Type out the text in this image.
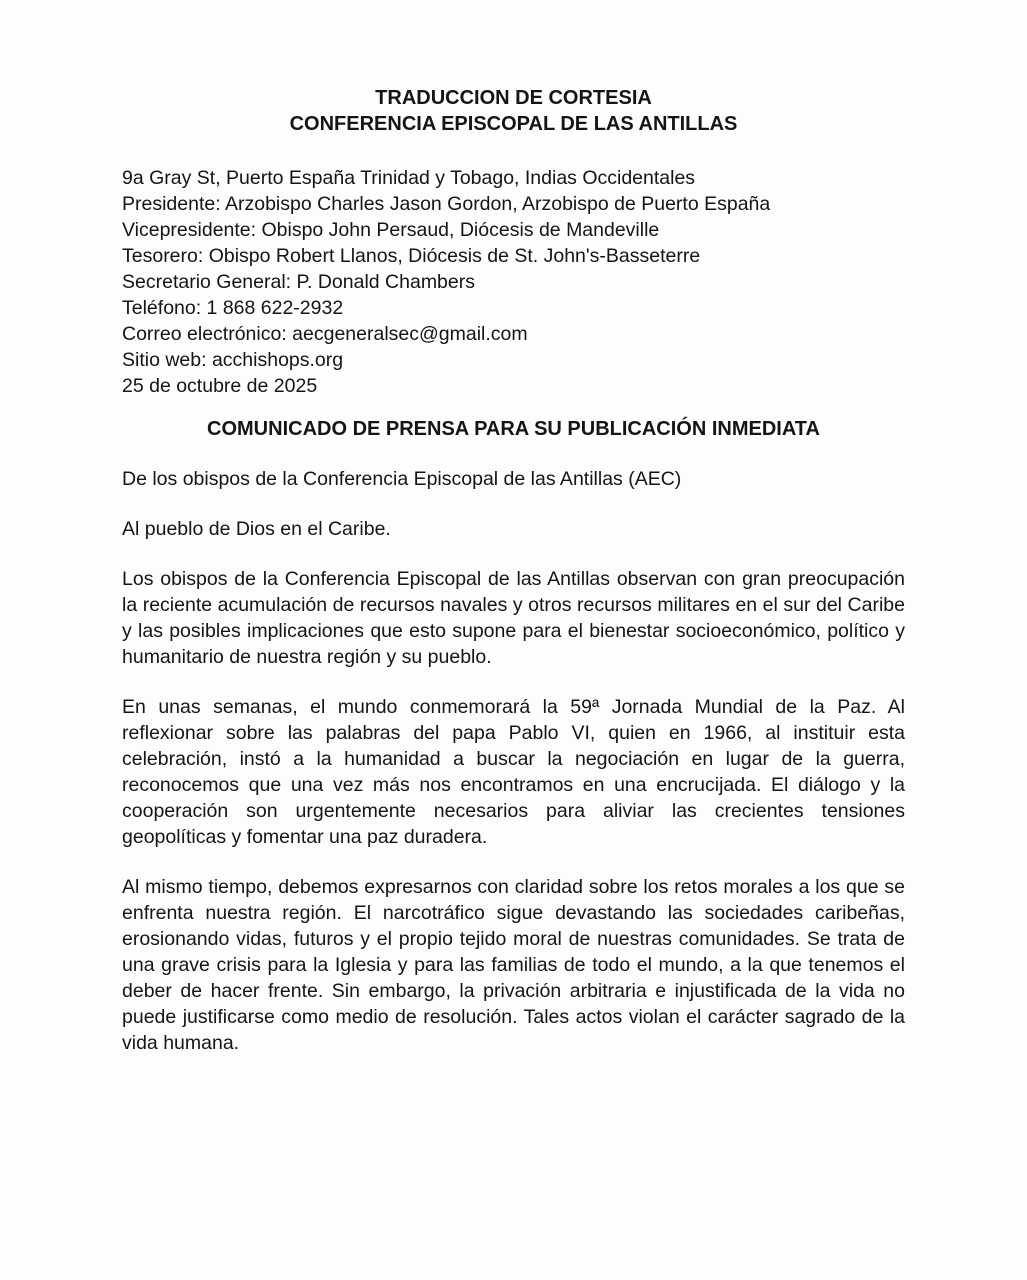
TRADUCCION DE CORTESIA
CONFERENCIA EPISCOPAL DE LAS ANTILLAS
9a Gray St, Puerto España Trinidad y Tobago, Indias Occidentales
Presidente: Arzobispo Charles Jason Gordon, Arzobispo de Puerto España
Vicepresidente: Obispo John Persaud, Diócesis de Mandeville
Tesorero: Obispo Robert Llanos, Diócesis de St. John's-Basseterre
Secretario General: P. Donald Chambers
Teléfono: 1 868 622-2932
Correo electrónico: aecgeneralsec@gmail.com
Sitio web: acchishops.org
25 de octubre de 2025
COMUNICADO DE PRENSA PARA SU PUBLICACIÓN INMEDIATA

De los obispos de la Conferencia Episcopal de las Antillas (AEC)

Al pueblo de Dios en el Caribe.

Los obispos de la Conferencia Episcopal de las Antillas observan con gran preocupación la reciente acumulación de recursos navales y otros recursos militares en el sur del Caribe y las posibles implicaciones que esto supone para el bienestar socioeconómico, político y humanitario de nuestra región y su pueblo.

En unas semanas, el mundo conmemorará la 59ª Jornada Mundial de la Paz. Al reflexionar sobre las palabras del papa Pablo VI, quien en 1966, al instituir esta celebración, instó a la humanidad a buscar la negociación en lugar de la guerra, reconocemos que una vez más nos encontramos en una encrucijada. El diálogo y la cooperación son urgentemente necesarios para aliviar las crecientes tensiones geopolíticas y fomentar una paz duradera.

Al mismo tiempo, debemos expresarnos con claridad sobre los retos morales a los que se enfrenta nuestra región. El narcotráfico sigue devastando las sociedades caribeñas, erosionando vidas, futuros y el propio tejido moral de nuestras comunidades. Se trata de una grave crisis para la Iglesia y para las familias de todo el mundo, a la que tenemos el deber de hacer frente. Sin embargo, la privación arbitraria e injustificada de la vida no puede justificarse como medio de resolución. Tales actos violan el carácter sagrado de la vida humana.
